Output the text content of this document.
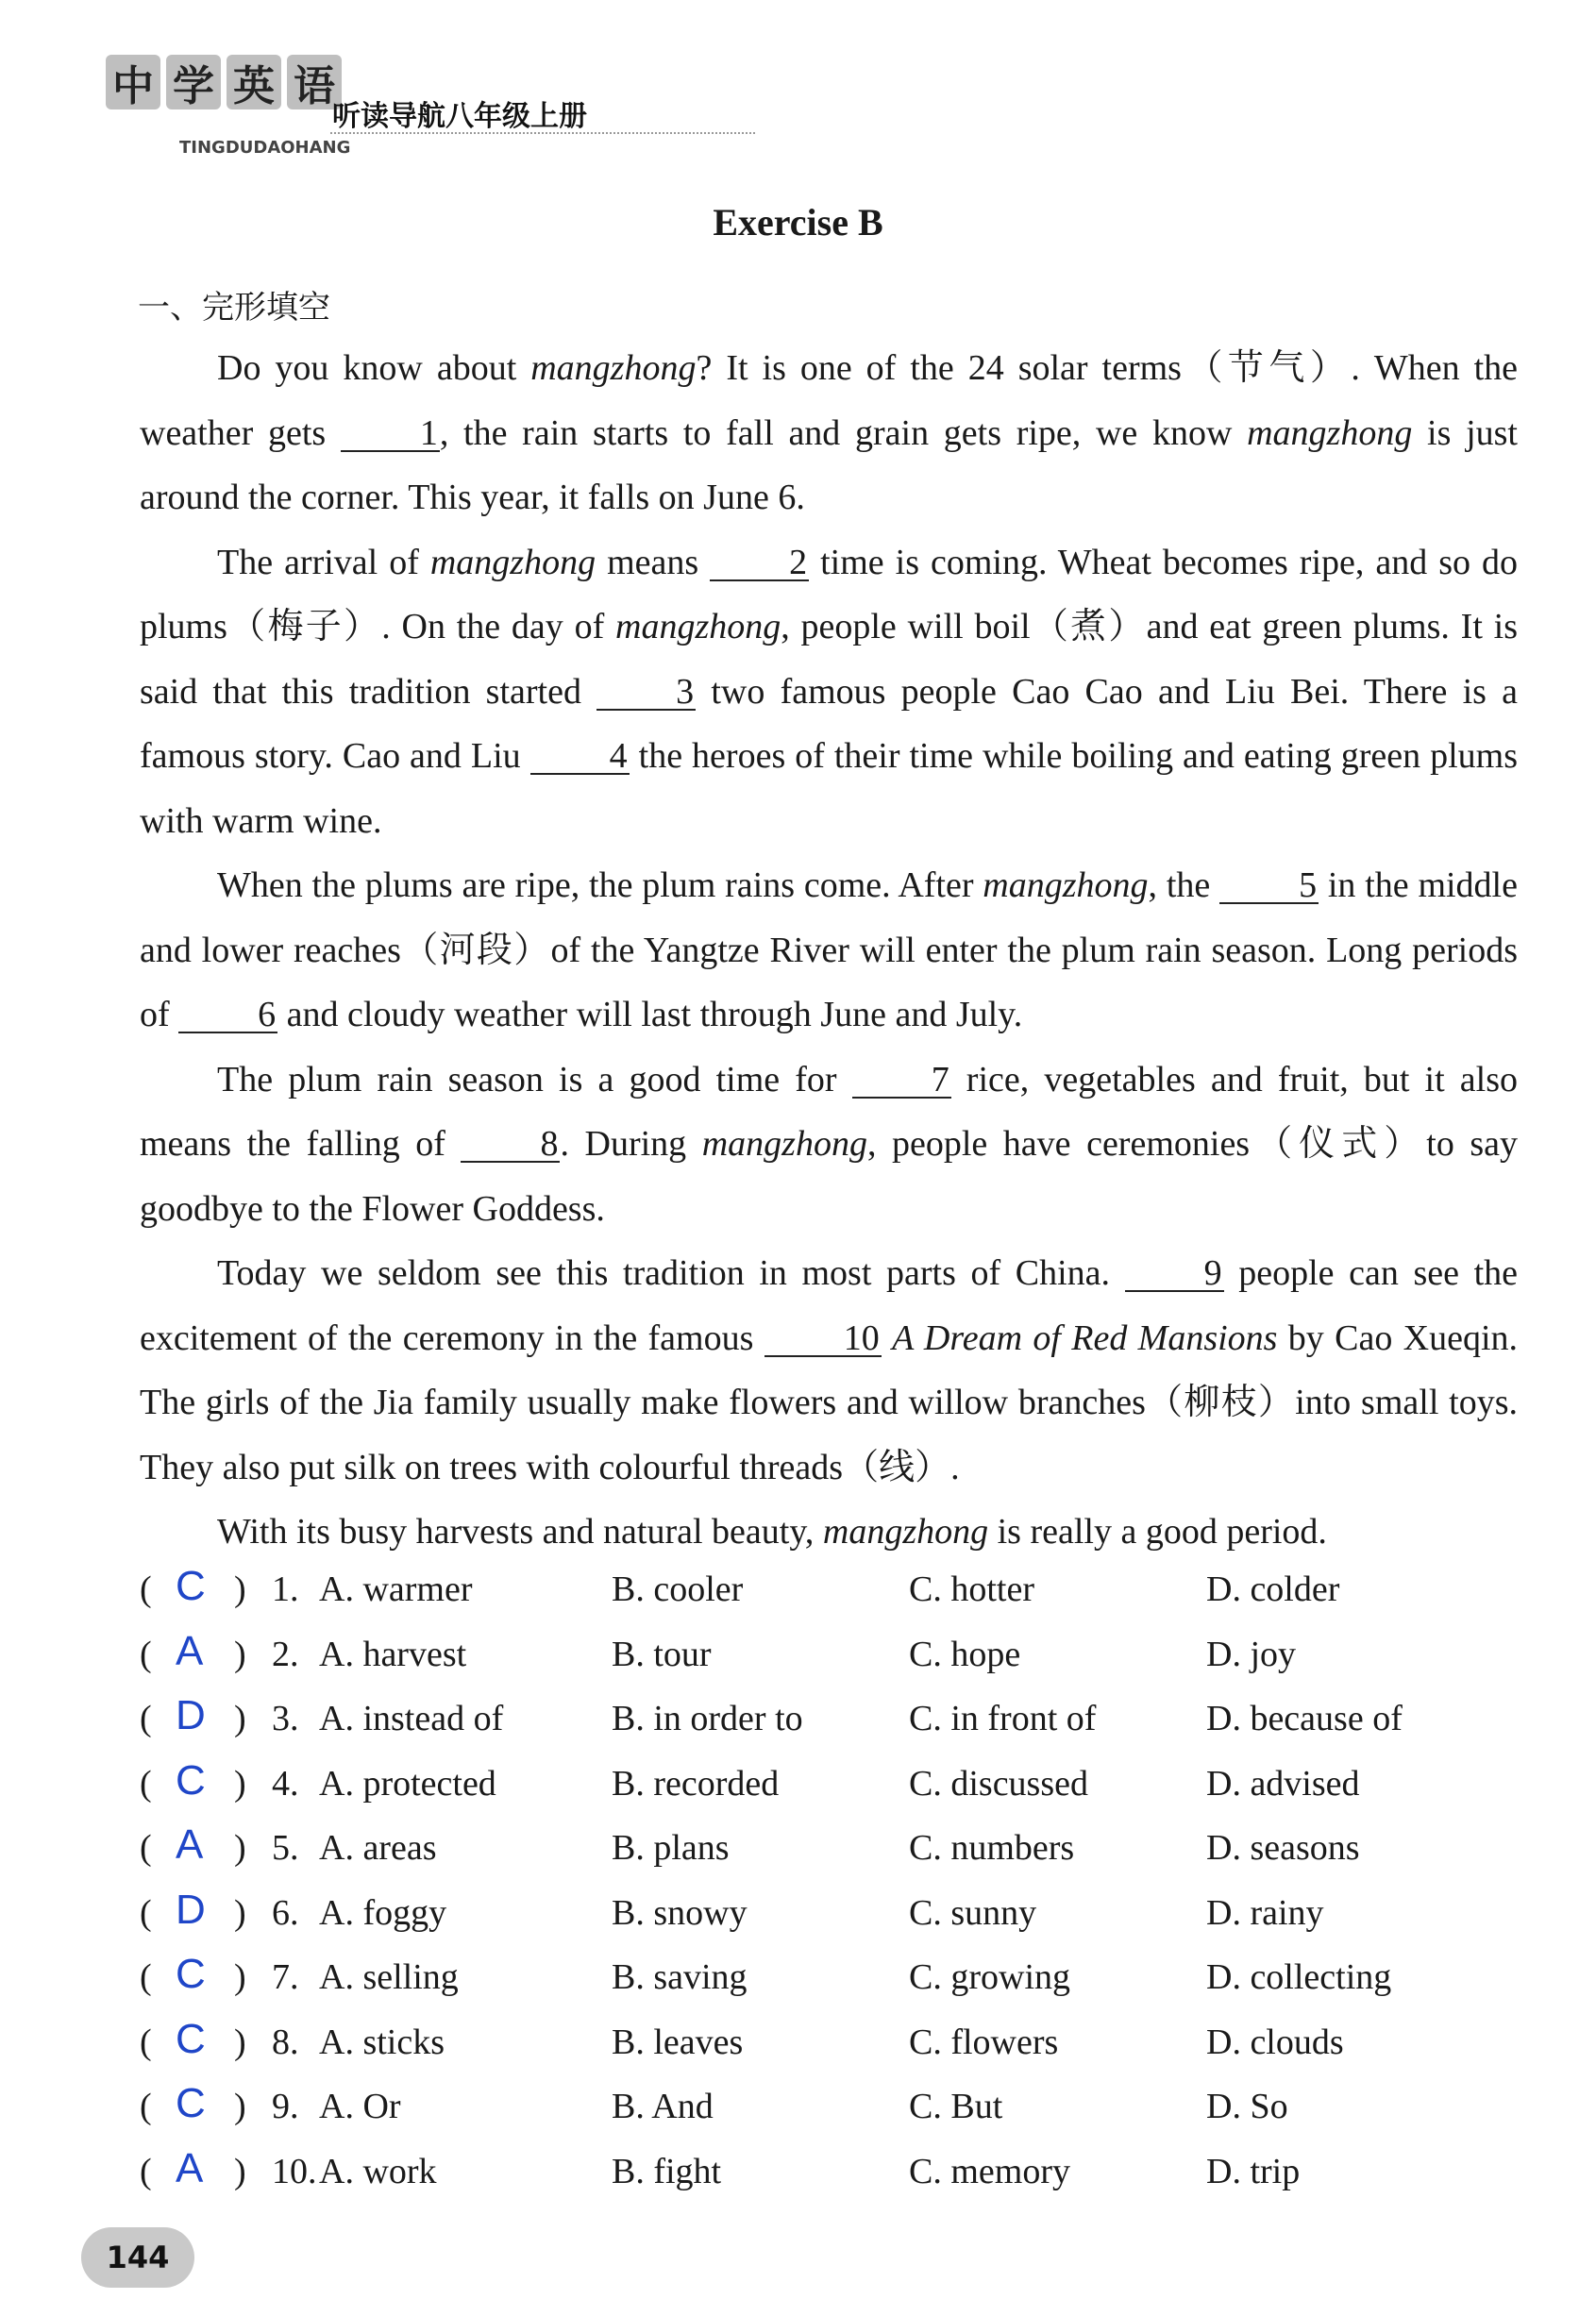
中 学 英 语
听读导航八年级上册
TINGDUDAOHANG
Exercise B
一、完形填空

Do you know about mangzhong? It is one of the 24 solar terms（节气）. When the weather gets 1, the rain starts to fall and grain gets ripe, we know mangzhong is just around the corner. This year, it falls on June 6.

The arrival of mangzhong means 2 time is coming. Wheat becomes ripe, and so do plums（梅子）. On the day of mangzhong, people will boil（煮）and eat green plums. It is said that this tradition started 3 two famous people Cao Cao and Liu Bei. There is a famous story. Cao and Liu 4 the heroes of their time while boiling and eating green plums with warm wine.

When the plums are ripe, the plum rains come. After mangzhong, the 5 in the middle and lower reaches（河段）of the Yangtze River will enter the plum rain season. Long periods of 6 and cloudy weather will last through June and July.

The plum rain season is a good time for 7 rice, vegetables and fruit, but it also means the falling of 8. During mangzhong, people have ceremonies（仪式）to say goodbye to the Flower Goddess.

Today we seldom see this tradition in most parts of China. 9 people can see the excitement of the ceremony in the famous 10 A Dream of Red Mansions by Cao Xueqin. The girls of the Jia family usually make flowers and willow branches（柳枝）into small toys. They also put silk on trees with colourful threads（线）.

With its busy harvests and natural beauty, mangzhong is really a good period.

( C ) 1. A. warmer	B. cooler	C. hotter	D. colder
( A ) 2. A. harvest	B. tour	C. hope	D. joy
( D ) 3. A. instead of	B. in order to	C. in front of	D. because of
( C ) 4. A. protected	B. recorded	C. discussed	D. advised
( A ) 5. A. areas	B. plans	C. numbers	D. seasons
( D ) 6. A. foggy	B. snowy	C. sunny	D. rainy
( C ) 7. A. selling	B. saving	C. growing	D. collecting
( C ) 8. A. sticks	B. leaves	C. flowers	D. clouds
( C ) 9. A. Or	B. And	C. But	D. So
( A ) 10. A. work	B. fight	C. memory	D. trip
144
